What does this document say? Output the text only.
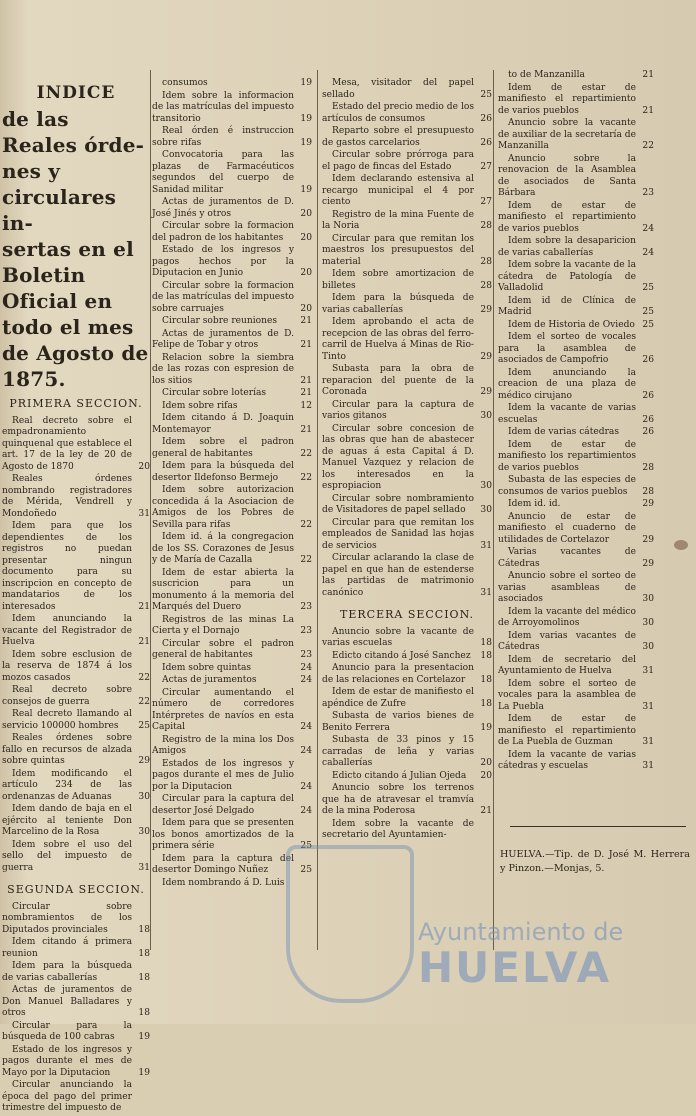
INDICE
de las Reales órde-
nes y circulares in-
sertas en el Boletin
Oficial en todo el mes
de Agosto de 1875.
PRIMERA SECCION.
Real decreto sobre el empadronamiento quinquenal que establece el art. 17 de la ley de 20 de Agosto de 1870	20
Reales órdenes nombrando registradores de Mérida, Vendrell y Mondoñedo	31
Idem para que los dependientes de los registros no puedan presentar ningun documento para su inscripcion en concepto de mandatarios de los interesados	21
Idem anunciando la vacante del Registrador de Huelva	21
Idem sobre esclusion de la reserva de 1874 á los mozos casados	22
Real decreto sobre consejos de guerra	22
Real decreto llamando al servicio 100000 hombres	25
Reales órdenes sobre fallo en recursos de alzada sobre quintas	29
Idem modificando el artículo 234 de las ordenanzas de Aduanas	30
Idem dando de baja en el ejército al teniente Don Marcelino de la Rosa	30
Idem sobre el uso del sello del impuesto de guerra	31
SEGUNDA SECCION.
Circular sobre nombramientos de los Diputados provinciales	18
Idem citando á primera reunion	18
Idem para la búsqueda de varias caballerías	18
Actas de juramentos de Don Manuel Balladares y otros	18
Circular para la búsqueda de 100 cabras	19
Estado de los ingresos y pagos durante el mes de Mayo por la Diputacion	19
Circular anunciando la época del pago del primer trimestre del impuesto de
consumos	19
Idem sobre la informacion de las matrículas del impuesto transitorio	19
Real órden é instruccion sobre rifas	19
Convocatoria para las plazas de Farmacéuticos segundos del cuerpo de Sanidad militar	19
Actas de juramentos de D. José Jinés y otros	20
Circular sobre la formacion del padron de los habitantes	20
Estado de los ingresos y pagos hechos por la Diputacion en Junio	20
Circular sobre la formacion de las matrículas del impuesto sobre carruajes	20
Circular sobre reuniones	21
Actas de juramentos de D. Felipe de Tobar y otros	21
Relacion sobre la siembra de las rozas con espresion de los sitios	21
Circular sobre loterías	21
Idem sobre rifas	12
Idem citando á D. Joaquin Montemayor	21
Idem sobre el padron general de habitantes	22
Idem para la búsqueda del desertor Ildefonso Bermejo	22
Idem sobre autorizacion concedida á la Asociacion de Amigos de los Pobres de Sevilla para rifas	22
Idem id. á la congregacion de los SS. Corazones de Jesus y de María de Cazalla	22
Idem de estar abierta la suscricion para un monumento á la memoria del Marqués del Duero	23
Registros de las minas La Cierta y el Dornajo	23
Circular sobre el padron general de habitantes	23
Idem sobre quintas	24
Actas de juramentos	24
Circular aumentando el número de corredores Intérpretes de navíos en esta Capital	24
Registro de la mina los Dos Amigos	24
Estados de los ingresos y pagos durante el mes de Julio por la Diputacion	24
Circular para la captura del desertor José Delgado	24
Idem para que se presenten los bonos amortizados de la primera série	25
Idem para la captura del desertor Domingo Nuñez	25
Idem nombrando á D. Luis
Mesa, visitador del papel sellado	25
Estado del precio medio de los artículos de consumos	26
Reparto sobre el presupuesto de gastos carcelarios	26
Circular sobre prórroga para el pago de fincas del Estado	27
Idem declarando estensiva al recargo municipal el 4 por ciento	27
Registro de la mina Fuente de la Noria	28
Circular para que remitan los maestros los presupuestos del material	28
Idem sobre amortizacion de billetes	28
Idem para la búsqueda de varias caballerías	29
Idem aprobando el acta de recepcion de las obras del ferro-carril de Huelva á Minas de Rio-Tinto	29
Subasta para la obra de reparacion del puente de la Coronada	29
Circular para la captura de varios gitanos	30
Circular sobre concesion de las obras que han de abastecer de aguas á esta Capital á D. Manuel Vazquez y relacion de los interesados en la espropiacion	30
Circular sobre nombramiento de Visitadores de papel sellado	30
Circular para que remitan los empleados de Sanidad las hojas de servicios	31
Circular aclarando la clase de papel en que han de estenderse las partidas de matrimonio canónico	31
TERCERA SECCION.
Anuncio sobre la vacante de varias escuelas	18
Edicto citando á José Sanchez	18
Anuncio para la presentacion de las relaciones en Cortelazor	18
Idem de estar de manifiesto el apéndice de Zufre	18
Subasta de varios bienes de Benito Ferrera	19
Subasta de 33 pinos y 15 carradas de leña y varias caballerías	20
Edicto citando á Julian Ojeda	20
Anuncio sobre los terrenos que ha de atravesar el tramvía de la mina Poderosa	21
Idem sobre la vacante de secretario del Ayuntamien-
to de Manzanilla	21
Idem de estar de manifiesto el repartimiento de varios pueblos	21
Anuncio sobre la vacante de auxiliar de la secretaría de Manzanilla	22
Anuncio sobre la renovacion de la Asamblea de asociados de Santa Bárbara	23
Idem de estar de manifiesto el repartimiento de varios pueblos	24
Idem sobre la desaparicion de varias caballerías	24
Idem sobre la vacante de la cátedra de Patología de Valladolid	25
Idem id de Clínica de Madrid	25
Idem de Historia de Oviedo 25
Idem el sorteo de vocales para la asamblea de asociados de Campofrio	26
Idem anunciando la creacion de una plaza de médico cirujano	26
Idem la vacante de varias escuelas	26
Idem de varias cátedras	26
Idem de estar de manifiesto los repartimientos de varios pueblos	28
Subasta de las especies de consumos de varios pueblos	28
Idem id. id.	29
Anuncio de estar de manifiesto el cuaderno de utilidades de Cortelazor	29
Varias vacantes de Cátedras	29
Anuncio sobre el sorteo de varias asambleas de asociados	30
Idem la vacante del médico de Arroyomolinos	30
Idem varias vacantes de Cátedras	30
Idem de secretario del Ayuntamiento de Huelva	31
Idem sobre el sorteo de vocales para la asamblea de La Puebla	31
Idem de estar de manifiesto el repartimiento de La Puebla de Guzman	31
Idem la vacante de varias cátedras y escuelas	31
HUELVA.—Tip. de D. José M. Herrera y Pinzon.—Monjas, 5.
Ayuntamiento de
HUELVA
